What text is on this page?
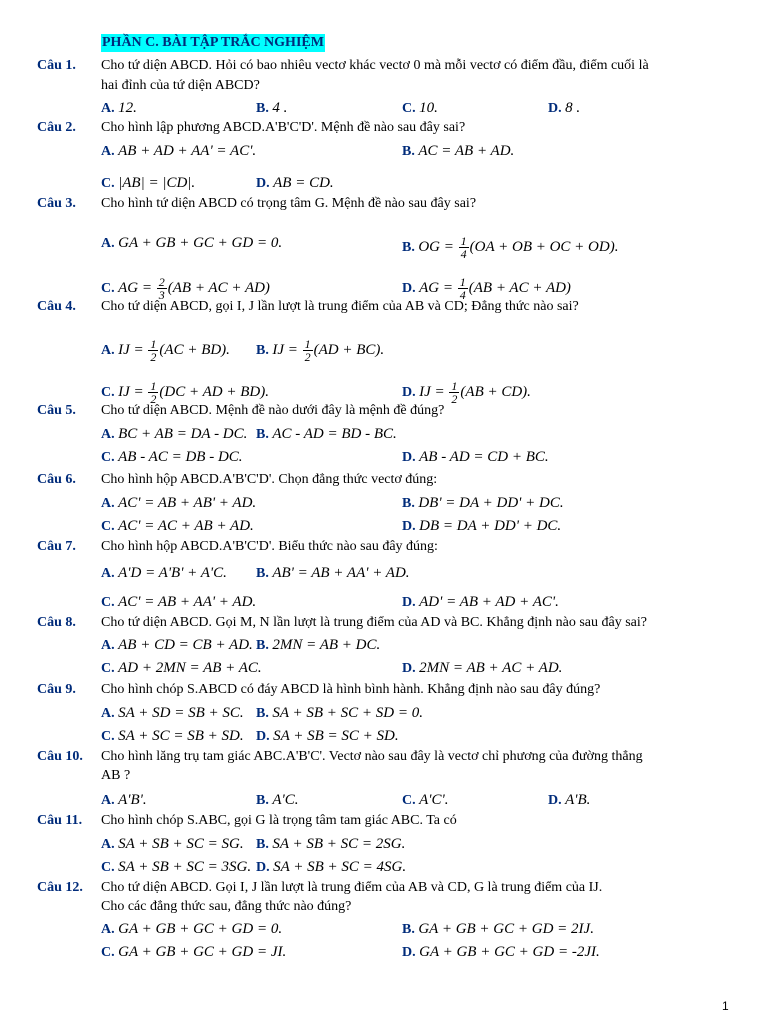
PHẦN C. BÀI TẬP TRẮC NGHIỆM
Câu 1. Cho tứ diện ABCD. Hỏi có bao nhiêu vectơ khác vectơ 0 mà mỗi vectơ có điểm đầu, điểm cuối là
hai đỉnh của tứ diện ABCD?
A. 12.	B. 4 .	C. 10.	D. 8 .
Câu 2. Cho hình lập phương ABCD.A'B'C'D'. Mệnh đề nào sau đây sai?
A. AB + AD + AA' = AC'.	B. AC = AB + AD.
C. |AB| = |CD|.	D. AB = CD.
Câu 3. Cho hình tứ diện ABCD có trọng tâm G. Mệnh đề nào sau đây sai?
A. GA + GB + GC + GD = 0.	B. OG = $\frac{1}{4} (OA$ + OB + OC + OD).
C. AG = $\frac{2}{3} (AB$ + AC + AD)	D. AG = $\frac{1}{4} (AB$ + AC + AD)
Câu 4. Cho tứ diện ABCD, gọi I, J lần lượt là trung điểm của AB và CD; Đẳng thức nào sai?
A. IJ = $\frac{1}{2} (AC + BD)$. B. IJ = $\frac{1}{2} (AD + BC)$.
C. IJ = $\frac{1}{2} (DC$ + AD + BD).	D. IJ = $\frac{1}{2} (AB + CD)$.
Câu 5. Cho tứ diện ABCD. Mệnh đề nào dưới đây là mệnh đề đúng?
A. BC + AB = DA - DC. B. AC - AD = BD - BC.
C. AB - AC = DB - DC.	D. AB - AD = CD + BC.
Câu 6. Cho hình hộp ABCD.A'B'C'D'. Chọn đẳng thức vectơ đúng:
A. AC' = AB + AB' + AD.	B. DB' = DA + DD' + DC.
C. AC' = AC + AB + AD.	D. DB = DA + DD' + DC.
Câu 7. Cho hình hộp ABCD.A'B'C'D'. Biểu thức nào sau đây đúng:
A. A'D = A'B' + A'C. B. AB' = AB + AA' + AD.
C. AC' = AB + AA' + AD.	D. AD' = AB + AD + AC'.
Câu 8. Cho tứ diện ABCD. Gọi M, N lần lượt là trung điểm của AD và BC. Khẳng định nào sau đây sai?
A. AB + CD = CB + AD. B. 2MN = AB + DC.
C. AD + 2MN = AB + AC.	D. 2MN = AB + AC + AD.
Câu 9. Cho hình chóp S.ABCD có đáy ABCD là hình bình hành. Khẳng định nào sau đây đúng?
A. SA + SD = SB + SC. B. SA + SB + SC + SD = 0.
C. SA + SC = SB + SD. D. SA + SB = SC + SD.
Câu 10. Cho hình lăng trụ tam giác ABC.A'B'C'. Vectơ nào sau đây là vectơ chỉ phương của đường thẳng
AB ?
A. A'B'.	B. A'C.	C. A'C'.	D. A'B.
Câu 11. Cho hình chóp S.ABC, gọi G là trọng tâm tam giác ABC. Ta có
A. SA + SB + SC = SG. B. SA + SB + SC = 2SG.
C. SA + SB + SC = 3SG. D. SA + SB + SC = 4SG.
Câu 12. Cho tứ diện ABCD. Gọi I, J lần lượt là trung điểm của AB và CD, G là trung điểm của IJ.
Cho các đẳng thức sau, đẳng thức nào đúng?
A. GA + GB + GC + GD = 0.	B. GA + GB + GC + GD = 2IJ.
C. GA + GB + GC + GD = JI.	D. GA + GB + GC + GD = -2JI.
1
